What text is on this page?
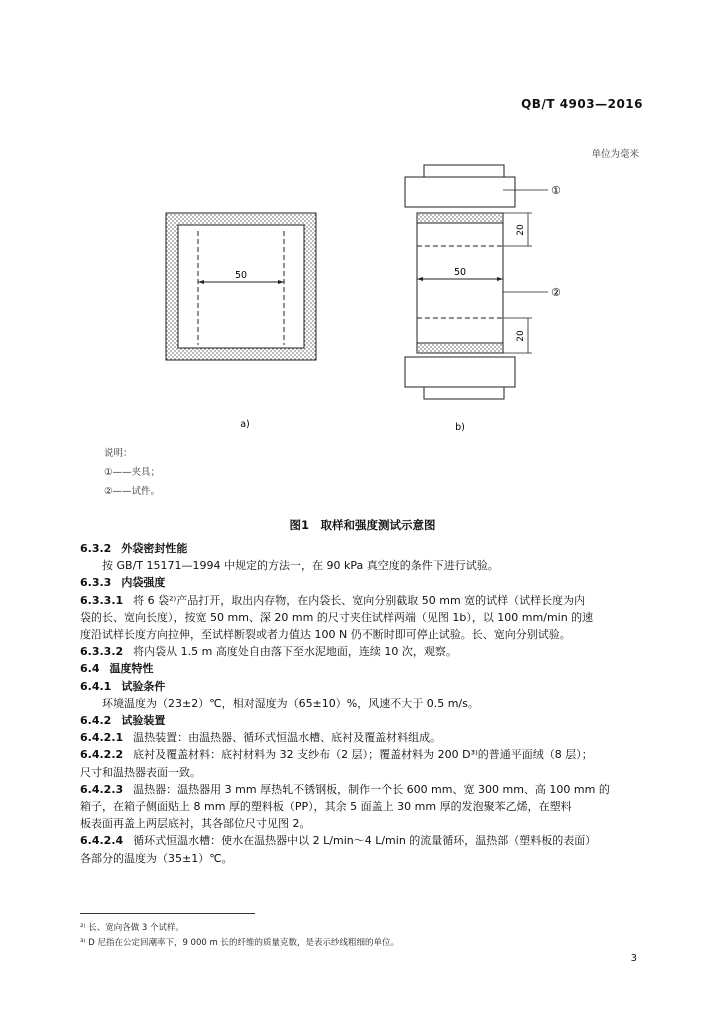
QB/T 4903—2016
单位为毫米
50	50
20
20
①
②
a)	b)
说明：
①——夹具；
②——试件。
图1　取样和强度测试示意图
6.3.2 外袋密封性能
按 GB/T 15171—1994 中规定的方法一，在 90 kPa 真空度的条件下进行试验。
6.3.3 内袋强度
6.3.3.1 将 6 袋²⁾产品打开，取出内存物，在内袋长、宽向分别截取 50 mm 宽的试样（试样长度为内
袋的长、宽向长度），按宽 50 mm、深 20 mm 的尺寸夹住试样两端（见图 1b），以 100 mm/min 的速
度沿试样长度方向拉伸，至试样断裂或者力值达 100 N 仍不断时即可停止试验。长、宽向分别试验。
6.3.3.2 将内袋从 1.5 m 高度处自由落下至水泥地面，连续 10 次，观察。
6.4 温度特性
6.4.1 试验条件
环境温度为（23±2）℃，相对湿度为（65±10）%，风速不大于 0.5 m/s。
6.4.2 试验装置
6.4.2.1 温热装置：由温热器、循环式恒温水槽、底衬及覆盖材料组成。
6.4.2.2 底衬及覆盖材料：底衬材料为 32 支纱布（2 层）；覆盖材料为 200 D³⁾的普通平面绒（8 层）；
尺寸和温热器表面一致。
6.4.2.3 温热器：温热器用 3 mm 厚热轧不锈钢板，制作一个长 600 mm、宽 300 mm、高 100 mm 的
箱子，在箱子侧面贴上 8 mm 厚的塑料板（PP），其余 5 面盖上 30 mm 厚的发泡聚苯乙烯，在塑料
板表面再盖上两层底衬，其各部位尺寸见图 2。
6.4.2.4 循环式恒温水槽：使水在温热器中以 2 L/min～4 L/min 的流量循环，温热部（塑料板的表面）
各部分的温度为（35±1）℃。
²⁾ 长、宽向各做 3 个试样。
³⁾ D 尼指在公定回潮率下，9 000 m 长的纤维的质量克数，是表示纱线粗细的单位。
3
